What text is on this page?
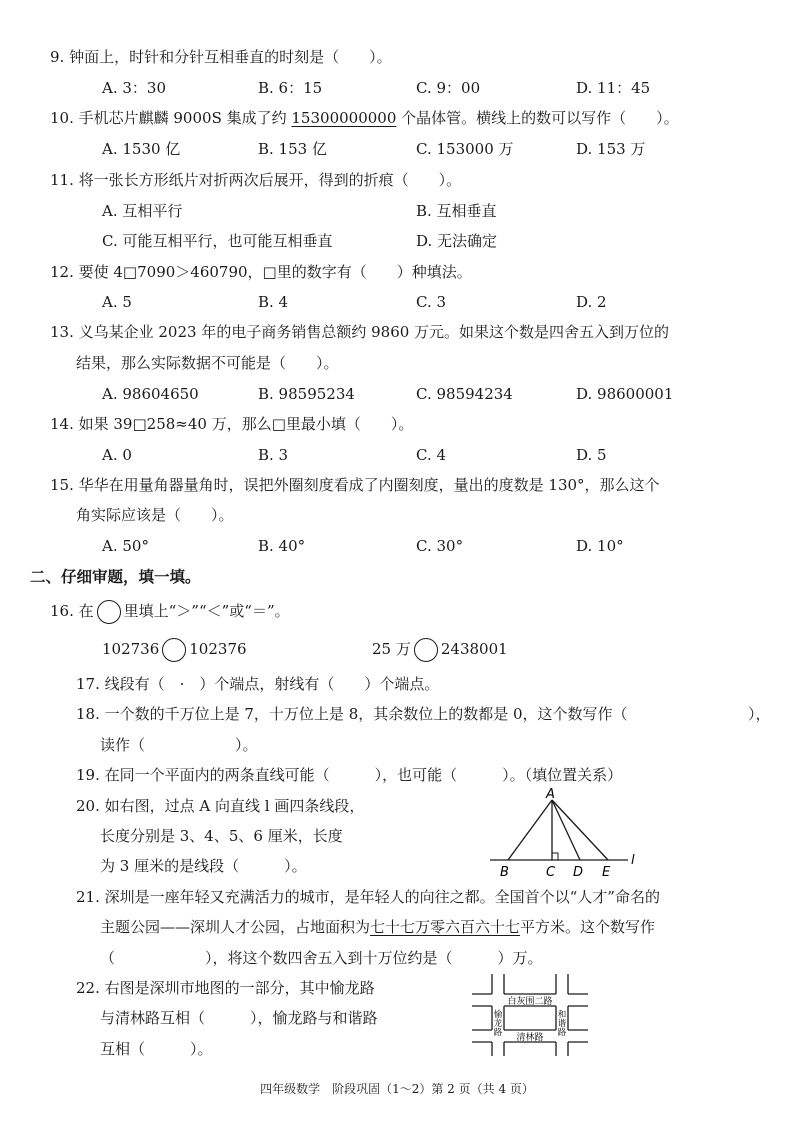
9. 钟面上，时针和分针互相垂直的时刻是（　　）。
A. 3：30	B. 6：15	C. 9：00	D. 11：45
10. 手机芯片麒麟 9000S 集成了约 15300000000 个晶体管。横线上的数可以写作（　　）。
A. 1530 亿	B. 153 亿	C. 153000 万	D. 153 万
11. 将一张长方形纸片对折两次后展开，得到的折痕（　　）。
A. 互相平行	B. 互相垂直
C. 可能互相平行，也可能互相垂直	D. 无法确定
12. 要使 4□7090＞460790，□里的数字有（　　）种填法。
A. 5	B. 4	C. 3	D. 2
13. 义乌某企业 2023 年的电子商务销售总额约 9860 万元。如果这个数是四舍五入到万位的
结果，那么实际数据不可能是（　　）。
A. 98604650	B. 98595234	C. 98594234	D. 98600001
14. 如果 39□258≈40 万，那么□里最小填（　　）。
A. 0	B. 3	C. 4	D. 5
15. 华华在用量角器量角时，误把外圈刻度看成了内圈刻度，量出的度数是 130°，那么这个
角实际应该是（　　）。
A. 50°	B. 40°	C. 30°	D. 10°
二、仔细审题，填一填。
16. 在 里填上“＞”“＜”或“＝”。
102736 102376	25 万 2438001
17. 线段有（　·　）个端点，射线有（　　）个端点。
18. 一个数的千万位上是 7，十万位上是 8，其余数位上的数都是 0，这个数写作（	），
读作（　　　　　　）。
19. 在同一个平面内的两条直线可能（　　　），也可能（　　　）。（填位置关系）
20. 如右图，过点 A 向直线 l 画四条线段，
长度分别是 3、4、5、6 厘米，长度
为 3 厘米的是线段（　　　）。
A
B	C D E
l
21. 深圳是一座年轻又充满活力的城市，是年轻人的向往之都。全国首个以“人才”命名的
主题公园——深圳人才公园，占地面积为七十七万零六百六十七平方米。这个数写作
（　　　　　　），将这个数四舍五入到十万位约是（　　　）万。
22. 右图是深圳市地图的一部分，其中愉龙路
与清林路互相（　　　），愉龙路与和谐路
互相（　　　）。
白灰围二路
清林路
愉
龙
路
和
谐
路
四年级数学　阶段巩固（1～2）第 2 页（共 4 页）
